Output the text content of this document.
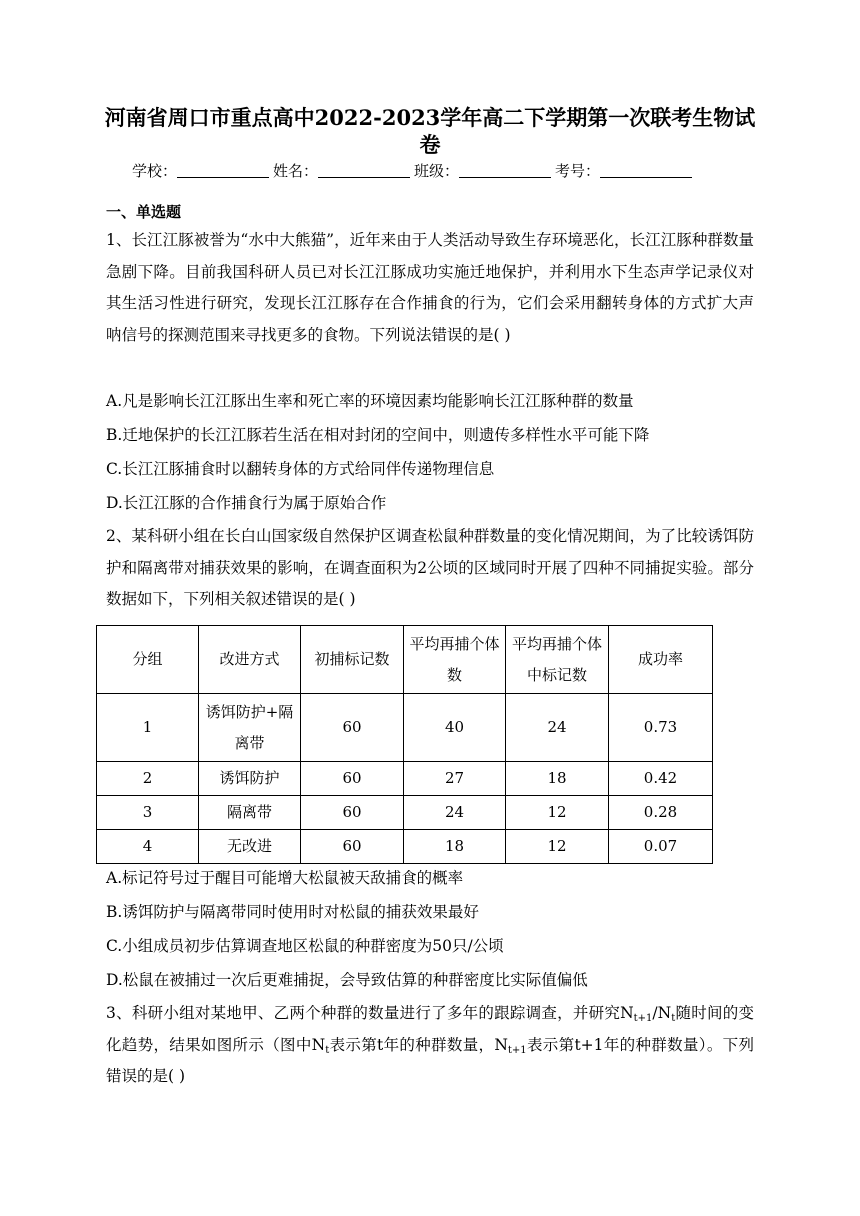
河南省周口市重点高中2022-2023学年高二下学期第一次联考生物试卷
学校：	姓名：	班级：	考号：
一、单选题
1、长江江豚被誉为“水中大熊猫”，近年来由于人类活动导致生存环境恶化，长江江豚种群数量急剧下降。目前我国科研人员已对长江江豚成功实施迁地保护，并利用水下生态声学记录仪对其生活习性进行研究，发现长江江豚存在合作捕食的行为，它们会采用翻转身体的方式扩大声呐信号的探测范围来寻找更多的食物。下列说法错误的是( )
A.凡是影响长江江豚出生率和死亡率的环境因素均能影响长江江豚种群的数量
B.迁地保护的长江江豚若生活在相对封闭的空间中，则遗传多样性水平可能下降
C.长江江豚捕食时以翻转身体的方式给同伴传递物理信息
D.长江江豚的合作捕食行为属于原始合作
2、某科研小组在长白山国家级自然保护区调查松鼠种群数量的变化情况期间，为了比较诱饵防护和隔离带对捕获效果的影响，在调查面积为2公顷的区域同时开展了四种不同捕捉实验。部分数据如下，下列相关叙述错误的是( )
分组	改进方式	初捕标记数	平均再捕个体数	平均再捕个体中标记数	成功率
1	诱饵防护+隔离带	60	40	24	0.73
2	诱饵防护	60	27	18	0.42
3	隔离带	60	24	12	0.28
4	无改进	60	18	12	0.07
A.标记符号过于醒目可能增大松鼠被天敌捕食的概率
B.诱饵防护与隔离带同时使用时对松鼠的捕获效果最好
C.小组成员初步估算调查地区松鼠的种群密度为50只/公顷
D.松鼠在被捕过一次后更难捕捉，会导致估算的种群密度比实际值偏低
3、科研小组对某地甲、乙两个种群的数量进行了多年的跟踪调查，并研究$N_{t+1}/N_t$随时间的变化趋势，结果如图所示（图中$N_t$表示第t年的种群数量，$N_{t+1}$表示第t+1年的种群数量）。下列错误的是( )
